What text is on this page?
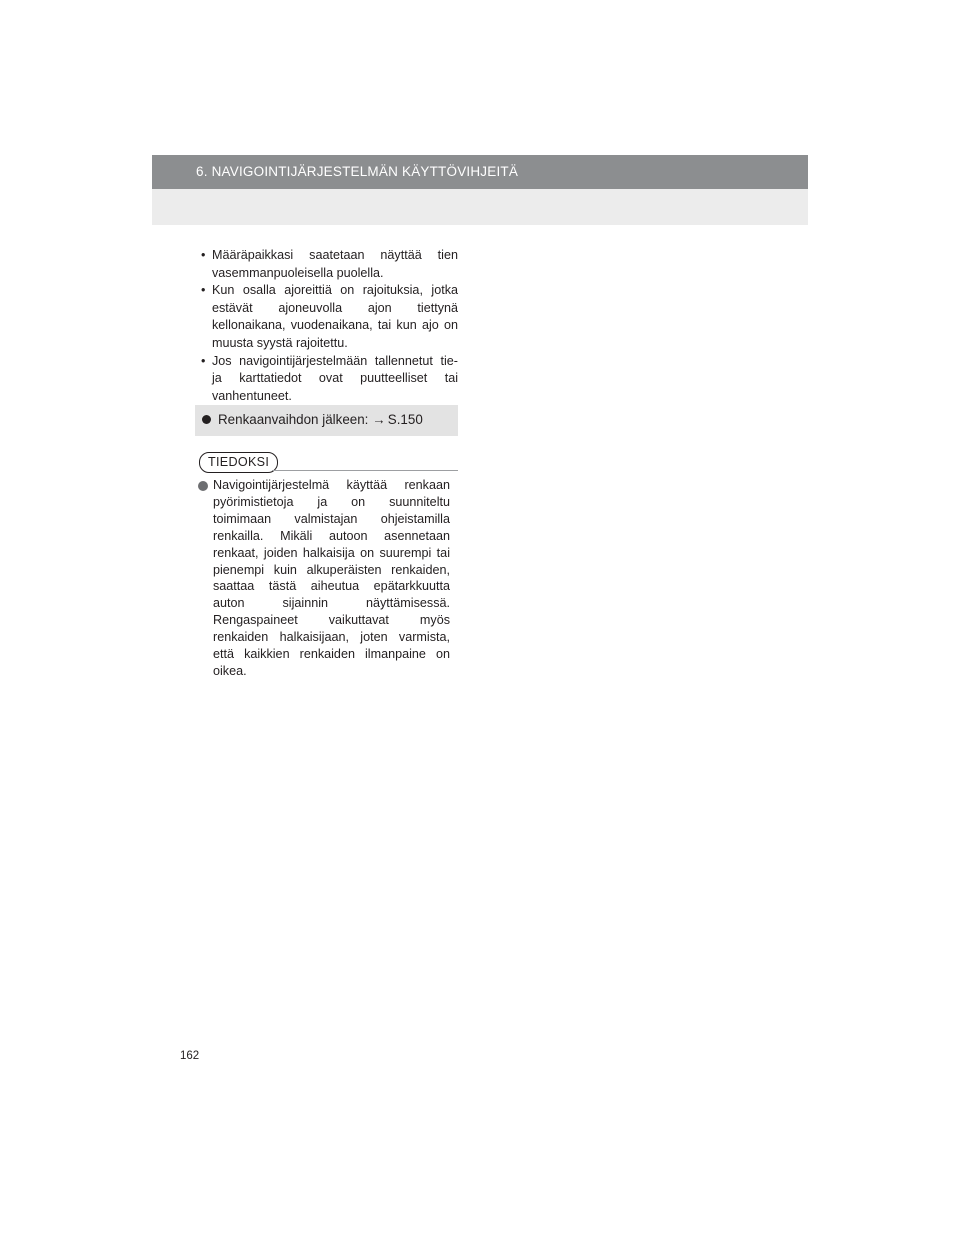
6. NAVIGOINTIJÄRJESTELMÄN KÄYTTÖVIHJEITÄ
• Määräpaikkasi saatetaan näyttää tien vasemmanpuoleisella puolella.
• Kun osalla ajoreittiä on rajoituksia, jotka estävät ajoneuvolla ajon tiettynä kellonaikana, vuodenaikana, tai kun ajo on muusta syystä rajoitettu.
• Jos navigointijärjestelmään tallennetut tie- ja karttatiedot ovat puutteelliset tai vanhentuneet.
Renkaanvaihdon jälkeen: → S.150
TIEDOKSI

Navigointijärjestelmä käyttää renkaan pyörimistietoja ja on suunniteltu toimimaan valmistajan ohjeistamilla renkailla. Mikäli autoon asennetaan renkaat, joiden halkaisija on suurempi tai pienempi kuin alkuperäisten renkaiden, saattaa tästä aiheutua epätarkkuutta auton sijainnin näyttämisessä. Rengaspaineet vaikuttavat myös renkaiden halkaisijaan, joten varmista, että kaikkien renkaiden ilmanpaine on oikea.

162
